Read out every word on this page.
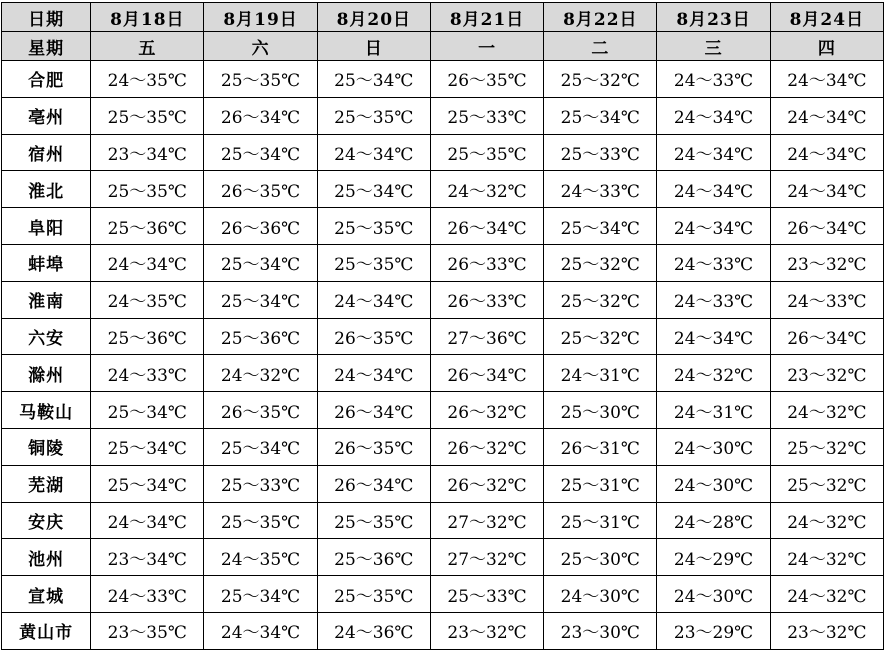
日期	8月18日	8月19日	8月20日	8月21日	8月22日	8月23日	8月24日
星期	五	六	日	一	二	三	四
合肥	24～35℃	25～35℃	25～34℃	26～35℃	25～32℃	24～33℃	24～34℃
亳州	25～35℃	26～34℃	25～35℃	25～33℃	25～34℃	24～34℃	24～34℃
宿州	23～34℃	25～34℃	24～34℃	25～35℃	25～33℃	24～34℃	24～34℃
淮北	25～35℃	26～35℃	25～34℃	24～32℃	24～33℃	24～34℃	24～34℃
阜阳	25～36℃	26～36℃	25～35℃	26～34℃	25～34℃	24～34℃	26～34℃
蚌埠	24～34℃	25～34℃	25～35℃	26～33℃	25～32℃	24～33℃	23～32℃
淮南	24～35℃	25～34℃	24～34℃	26～33℃	25～32℃	24～33℃	24～33℃
六安	25～36℃	25～36℃	26～35℃	27～36℃	25～32℃	24～34℃	26～34℃
滁州	24～33℃	24～32℃	24～34℃	26～34℃	24～31℃	24～32℃	23～32℃
马鞍山	25～34℃	26～35℃	26～34℃	26～32℃	25～30℃	24～31℃	24～32℃
铜陵	25～34℃	25～34℃	26～35℃	26～32℃	26～31℃	24～30℃	25～32℃
芜湖	25～34℃	25～33℃	26～34℃	26～32℃	25～31℃	24～30℃	25～32℃
安庆	24～34℃	25～35℃	25～35℃	27～32℃	25～31℃	24～28℃	24～32℃
池州	23～34℃	24～35℃	25～36℃	27～32℃	25～30℃	24～29℃	24～32℃
宣城	24～33℃	25～34℃	25～35℃	25～33℃	24～30℃	24～30℃	24～32℃
黄山市	23～35℃	24～34℃	24～36℃	23～32℃	23～30℃	23～29℃	23～32℃
